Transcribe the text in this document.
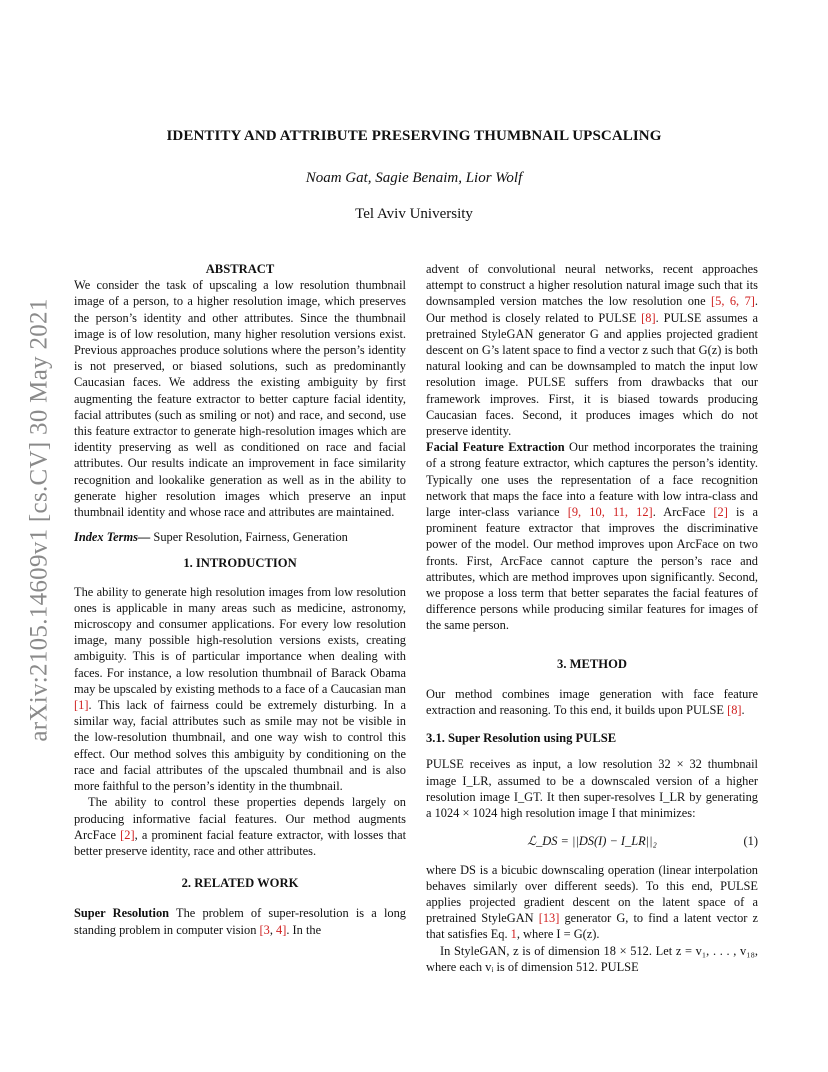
arXiv:2105.14609v1 [cs.CV] 30 May 2021
IDENTITY AND ATTRIBUTE PRESERVING THUMBNAIL UPSCALING
Noam Gat, Sagie Benaim, Lior Wolf
Tel Aviv University

ABSTRACT

We consider the task of upscaling a low resolution thumbnail image of a person, to a higher resolution image, which preserves the person’s identity and other attributes. Since the thumbnail image is of low resolution, many higher resolution versions exist. Previous approaches produce solutions where the person’s identity is not preserved, or biased solutions, such as predominantly Caucasian faces. We address the existing ambiguity by first augmenting the feature extractor to better capture facial identity, facial attributes (such as smiling or not) and race, and second, use this feature extractor to generate high-resolution images which are identity preserving as well as conditioned on race and facial attributes. Our results indicate an improvement in face similarity recognition and lookalike generation as well as in the ability to generate higher resolution images which preserve an input thumbnail identity and whose race and attributes are maintained.

Index Terms— Super Resolution, Fairness, Generation

1. INTRODUCTION

The ability to generate high resolution images from low resolution ones is applicable in many areas such as medicine, astronomy, microscopy and consumer applications. For every low resolution image, many possible high-resolution versions exists, creating ambiguity. This is of particular importance when dealing with faces. For instance, a low resolution thumbnail of Barack Obama may be upscaled by existing methods to a face of a Caucasian man [1]. This lack of fairness could be extremely disturbing. In a similar way, facial attributes such as smile may not be visible in the low-resolution thumbnail, and one way wish to control this effect. Our method solves this ambiguity by conditioning on the race and facial attributes of the upscaled thumbnail and is also more faithful to the person’s identity in the thumbnail.

The ability to control these properties depends largely on producing informative facial features. Our method augments ArcFace [2], a prominent facial feature extractor, with losses that better preserve identity, race and other attributes.

2. RELATED WORK

Super Resolution The problem of super-resolution is a long standing problem in computer vision [3, 4]. In the

advent of convolutional neural networks, recent approaches attempt to construct a higher resolution natural image such that its downsampled version matches the low resolution one [5, 6, 7]. Our method is closely related to PULSE [8]. PULSE assumes a pretrained StyleGAN generator G and applies projected gradient descent on G’s latent space to find a vector z such that G(z) is both natural looking and can be downsampled to match the input low resolution image. PULSE suffers from drawbacks that our framework improves. First, it is biased towards producing Caucasian faces. Second, it produces images which do not preserve identity.

Facial Feature Extraction Our method incorporates the training of a strong feature extractor, which captures the person’s identity. Typically one uses the representation of a face recognition network that maps the face into a feature with low intra-class and large inter-class variance [9, 10, 11, 12]. ArcFace [2] is a prominent feature extractor that improves the discriminative power of the model. Our method improves upon ArcFace on two fronts. First, ArcFace cannot capture the person’s race and attributes, which are method improves upon significantly. Second, we propose a loss term that better separates the facial features of difference persons while producing similar features for images of the same person.

3. METHOD

Our method combines image generation with face feature extraction and reasoning. To this end, it builds upon PULSE [8].

3.1. Super Resolution using PULSE

PULSE receives as input, a low resolution 32 × 32 thumbnail image I_LR, assumed to be a downscaled version of a higher resolution image I_GT. It then super-resolves I_LR by generating a 1024 × 1024 high resolution image I that minimizes:

ℒ_DS = ||DS(I) − I_LR||₂	(1)

where DS is a bicubic downscaling operation (linear interpolation behaves similarly over different seeds). To this end, PULSE applies projected gradient descent on the latent space of a pretrained StyleGAN [13] generator G, to find a latent vector z that satisfies Eq. 1, where I = G(z).

In StyleGAN, z is of dimension 18 × 512. Let z = v₁, . . . , v₁₈, where each vᵢ is of dimension 512. PULSE
